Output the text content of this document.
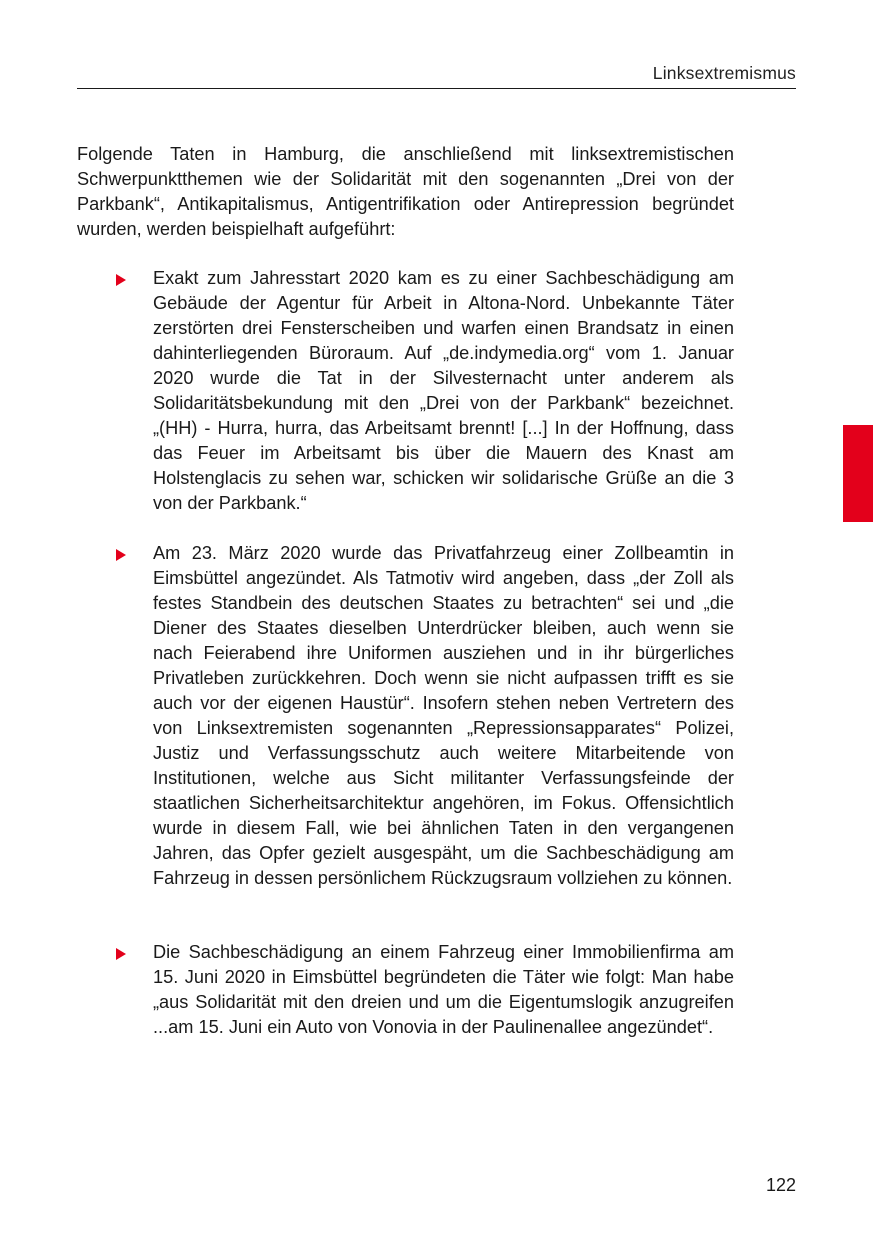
Linksextremismus

Folgende Taten in Hamburg, die anschließend mit linksextremistischen Schwerpunktthemen wie der Solidarität mit den sogenannten „Drei von der Parkbank“, Antikapitalismus, Antigentrifikation oder Antirepression begründet wurden, werden beispielhaft aufgeführt:

Exakt zum Jahresstart 2020 kam es zu einer Sachbeschädigung am Gebäude der Agentur für Arbeit in Altona-Nord. Unbekannte Täter zerstörten drei Fensterscheiben und warfen einen Brandsatz in einen dahinterliegenden Büroraum. Auf „de.indymedia.org“ vom 1. Januar 2020 wurde die Tat in der Silvesternacht unter anderem als Solidaritätsbekundung mit den „Drei von der Parkbank“ bezeichnet. „(HH) - Hurra, hurra, das Arbeitsamt brennt! [...] In der Hoffnung, dass das Feuer im Arbeitsamt bis über die Mauern des Knast am Holstenglacis zu sehen war, schicken wir solidarische Grüße an die 3 von der Parkbank.“

Am 23. März 2020 wurde das Privatfahrzeug einer Zollbeamtin in Eimsbüttel angezündet. Als Tatmotiv wird angeben, dass „der Zoll als festes Standbein des deutschen Staates zu betrachten“ sei und „die Diener des Staates dieselben Unterdrücker bleiben, auch wenn sie nach Feierabend ihre Uniformen ausziehen und in ihr bürgerliches Privatleben zurückkehren. Doch wenn sie nicht aufpassen trifft es sie auch vor der eigenen Haustür“. Insofern stehen neben Vertretern des von Linksextremisten sogenannten „Repressionsapparates“ Polizei, Justiz und Verfassungsschutz auch weitere Mitarbeitende von Institutionen, welche aus Sicht militanter Verfassungsfeinde der staatlichen Sicherheitsarchitektur angehören, im Fokus. Offensichtlich wurde in diesem Fall, wie bei ähnlichen Taten in den vergangenen Jahren, das Opfer gezielt ausgespäht, um die Sachbeschädigung am Fahrzeug in dessen persönlichem Rückzugsraum vollziehen zu können.

Die Sachbeschädigung an einem Fahrzeug einer Immobilienfirma am 15. Juni 2020 in Eimsbüttel begründeten die Täter wie folgt: Man habe „aus Solidarität mit den dreien und um die Eigentumslogik anzugreifen ...am 15. Juni ein Auto von Vonovia in der Paulinenallee angezündet“.

122
